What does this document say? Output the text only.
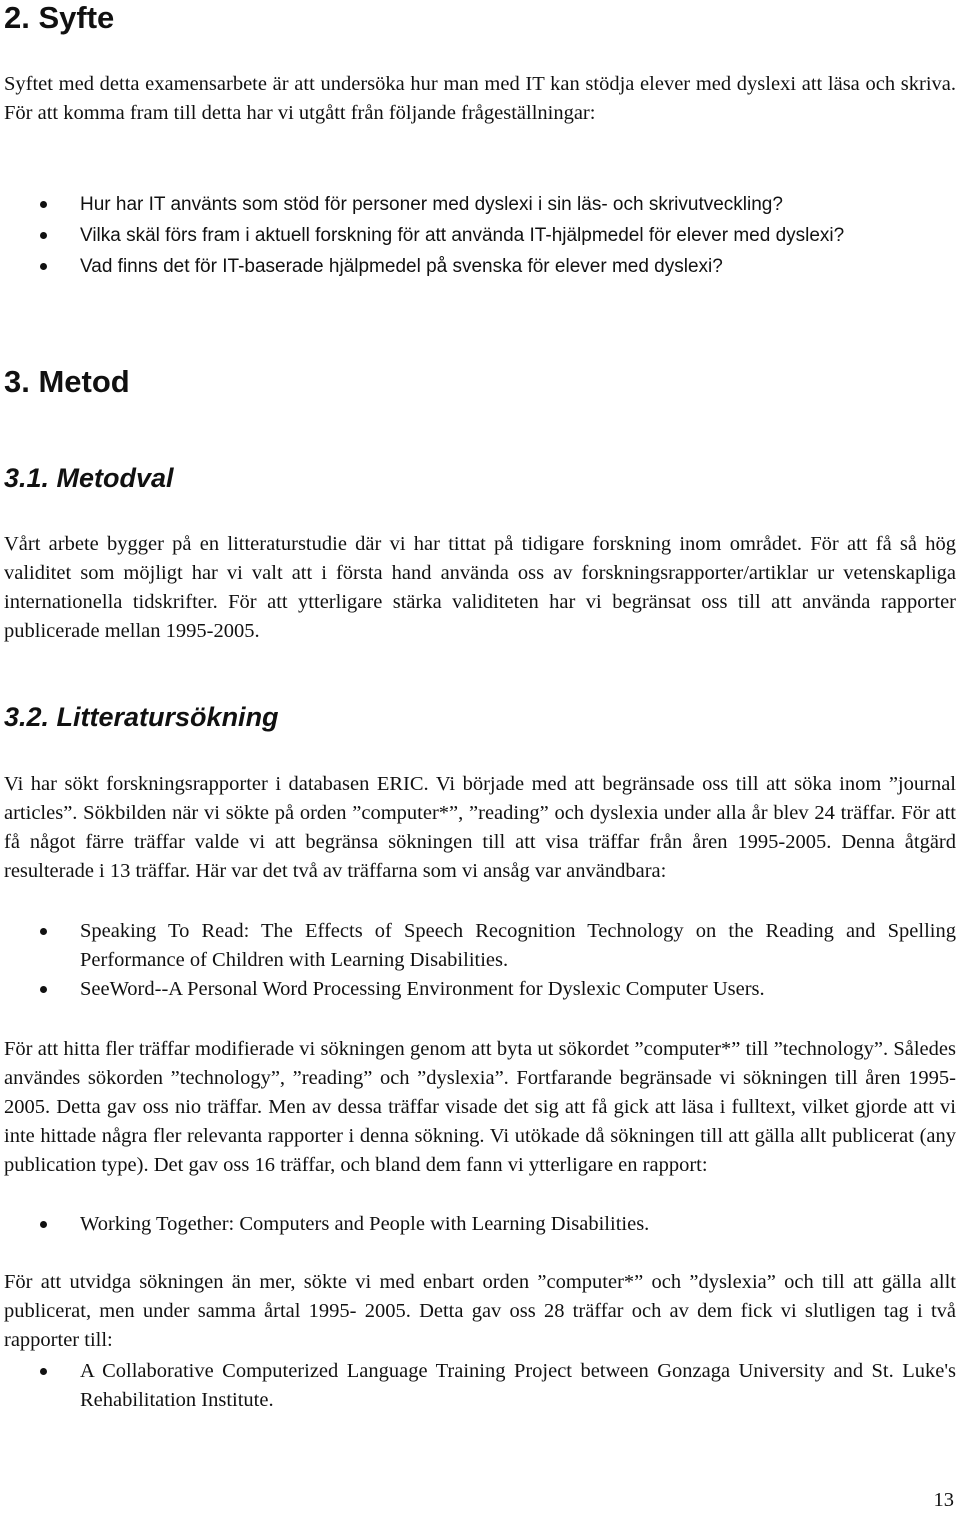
2. Syfte

Syftet med detta examensarbete är att undersöka hur man med IT kan stödja elever med dyslexi att läsa och skriva. För att komma fram till detta har vi utgått från följande frågeställningar:

Hur har IT använts som stöd för personer med dyslexi i sin läs- och skrivutveckling?
Vilka skäl förs fram i aktuell forskning för att använda IT-hjälpmedel för elever med dyslexi?
Vad finns det för IT-baserade hjälpmedel på svenska för elever med dyslexi?
3. Metod
3.1. Metodval

Vårt arbete bygger på en litteraturstudie där vi har tittat på tidigare forskning inom området. För att få så hög validitet som möjligt har vi valt att i första hand använda oss av forskningsrapporter/artiklar ur vetenskapliga internationella tidskrifter. För att ytterligare stärka validiteten har vi begränsat oss till att använda rapporter publicerade mellan 1995-2005.

3.2. Litteratursökning

Vi har sökt forskningsrapporter i databasen ERIC. Vi började med att begränsade oss till att söka inom ”journal articles”. Sökbilden när vi sökte på orden ”computer*”, ”reading” och dyslexia under alla år blev 24 träffar. För att få något färre träffar valde vi att begränsa sökningen till att visa träffar från åren 1995-2005. Denna åtgärd resulterade i 13 träffar. Här var det två av träffarna som vi ansåg var användbara:

Speaking To Read: The Effects of Speech Recognition Technology on the Reading and Spelling Performance of Children with Learning Disabilities.
SeeWord--A Personal Word Processing Environment for Dyslexic Computer Users.

För att hitta fler träffar modifierade vi sökningen genom att byta ut sökordet ”computer*” till ”technology”. Således användes sökorden ”technology”, ”reading” och ”dyslexia”. Fortfarande begränsade vi sökningen till åren 1995-2005. Detta gav oss nio träffar. Men av dessa träffar visade det sig att få gick att läsa i fulltext, vilket gjorde att vi inte hittade några fler relevanta rapporter i denna sökning. Vi utökade då sökningen till att gälla allt publicerat (any publication type). Det gav oss 16 träffar, och bland dem fann vi ytterligare en rapport:

Working Together: Computers and People with Learning Disabilities.

För att utvidga sökningen än mer, sökte vi med enbart orden ”computer*” och ”dyslexia” och till att gälla allt publicerat, men under samma årtal 1995- 2005. Detta gav oss 28 träffar och av dem fick vi slutligen tag i två rapporter till:

A Collaborative Computerized Language Training Project between Gonzaga University and St. Luke's Rehabilitation Institute.

13
